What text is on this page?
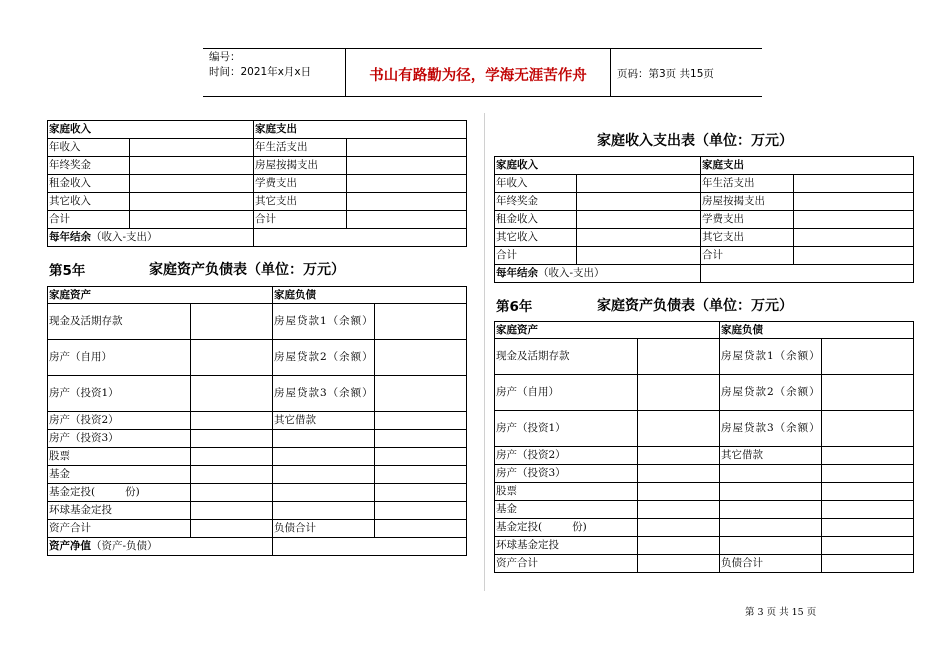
编号：
时间：2021年x月x日	书山有路勤为径，学海无涯苦作舟	页码：第3页 共15页
家庭收入		家庭支出	
年收入		年生活支出	
年终奖金		房屋按揭支出	
租金收入		学费支出	
其它收入		其它支出	
合计		合计	
每年结余（收入-支出）			
第5年	家庭资产负债表（单位：万元）
家庭资产		家庭负债	
现金及活期存款		房屋贷款1（余额）	
房产（自用）		房屋贷款2（余额）	
房产（投资1）		房屋贷款3（余额）	
房产（投资2）		其它借款	
房产（投资3）			
股票			
基金			
基金定投(         份)			
环球基金定投			
资产合计		负债合计	
资产净值（资产-负债）			
家庭收入支出表（单位：万元）
家庭收入		家庭支出	
年收入		年生活支出	
年终奖金		房屋按揭支出	
租金收入		学费支出	
其它收入		其它支出	
合计		合计	
每年结余（收入-支出）			
第6年	家庭资产负债表（单位：万元）
家庭资产		家庭负债	
现金及活期存款		房屋贷款1（余额）	
房产（自用）		房屋贷款2（余额）	
房产（投资1）		房屋贷款3（余额）	
房产（投资2）		其它借款	
房产（投资3）			
股票			
基金			
基金定投(         份)			
环球基金定投			
资产合计		负债合计	
第 3 页 共 15 页
